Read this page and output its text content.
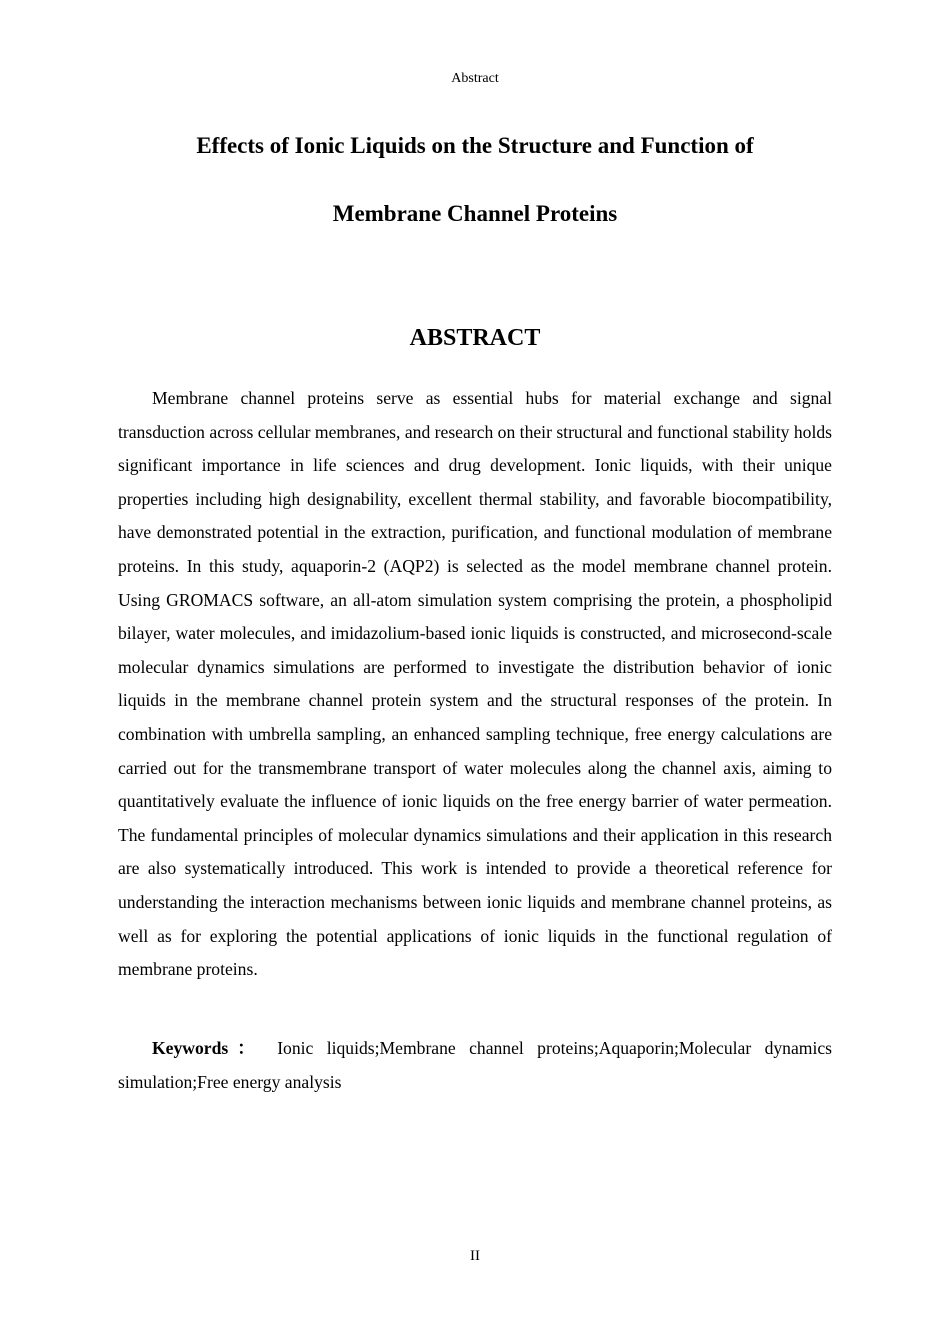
Abstract
Effects of Ionic Liquids on the Structure and Function of
Membrane Channel Proteins
ABSTRACT

Membrane channel proteins serve as essential hubs for material exchange and signal transduction across cellular membranes, and research on their structural and functional stability holds significant importance in life sciences and drug development. Ionic liquids, with their unique properties including high designability, excellent thermal stability, and favorable biocompatibility, have demonstrated potential in the extraction, purification, and functional modulation of membrane proteins. In this study, aquaporin-2 (AQP2) is selected as the model membrane channel protein. Using GROMACS software, an all-atom simulation system comprising the protein, a phospholipid bilayer, water molecules, and imidazolium-based ionic liquids is constructed, and microsecond-scale molecular dynamics simulations are performed to investigate the distribution behavior of ionic liquids in the membrane channel protein system and the structural responses of the protein. In combination with umbrella sampling, an enhanced sampling technique, free energy calculations are carried out for the transmembrane transport of water molecules along the channel axis, aiming to quantitatively evaluate the influence of ionic liquids on the free energy barrier of water permeation. The fundamental principles of molecular dynamics simulations and their application in this research are also systematically introduced. This work is intended to provide a theoretical reference for understanding the interaction mechanisms between ionic liquids and membrane channel proteins, as well as for exploring the potential applications of ionic liquids in the functional regulation of membrane proteins.

Keywords： Ionic liquids;Membrane channel proteins;Aquaporin;Molecular dynamics simulation;Free energy analysis

II
